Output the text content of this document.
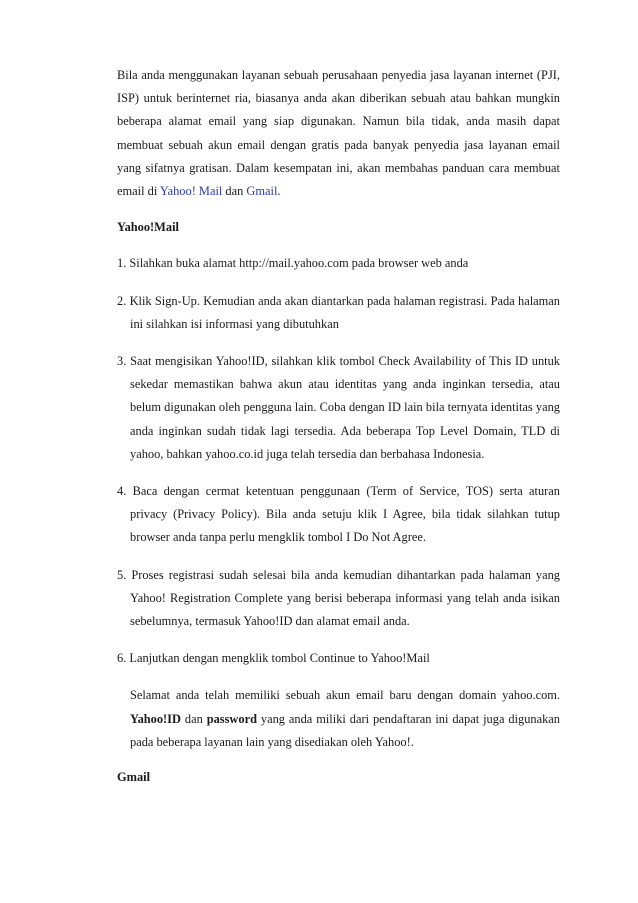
Bila anda menggunakan layanan sebuah perusahaan penyedia jasa layanan internet (PJI, ISP) untuk berinternet ria, biasanya anda akan diberikan sebuah atau bahkan mungkin beberapa alamat email yang siap digunakan. Namun bila tidak, anda masih dapat membuat sebuah akun email dengan gratis pada banyak penyedia jasa layanan email yang sifatnya gratisan. Dalam kesempatan ini, akan membahas panduan cara membuat email di Yahoo! Mail dan Gmail.

Yahoo!Mail

1. Silahkan buka alamat http://mail.yahoo.com pada browser web anda
2. Klik Sign-Up. Kemudian anda akan diantarkan pada halaman registrasi. Pada halaman ini silahkan isi informasi yang dibutuhkan
3. Saat mengisikan Yahoo!ID, silahkan klik tombol Check Availability of This ID untuk sekedar memastikan bahwa akun atau identitas yang anda inginkan tersedia, atau belum digunakan oleh pengguna lain. Coba dengan ID lain bila ternyata identitas yang anda inginkan sudah tidak lagi tersedia. Ada beberapa Top Level Domain, TLD di yahoo, bahkan yahoo.co.id juga telah tersedia dan berbahasa Indonesia.
4. Baca dengan cermat ketentuan penggunaan (Term of Service, TOS) serta aturan privacy (Privacy Policy). Bila anda setuju klik I Agree, bila tidak silahkan tutup browser anda tanpa perlu mengklik tombol I Do Not Agree.
5. Proses registrasi sudah selesai bila anda kemudian dihantarkan pada halaman yang Yahoo! Registration Complete yang berisi beberapa informasi yang telah anda isikan sebelumnya, termasuk Yahoo!ID dan alamat email anda.
6. Lanjutkan dengan mengklik tombol Continue to Yahoo!Mail

Selamat anda telah memiliki sebuah akun email baru dengan domain yahoo.com. Yahoo!ID dan password yang anda miliki dari pendaftaran ini dapat juga digunakan pada beberapa layanan lain yang disediakan oleh Yahoo!.

Gmail
